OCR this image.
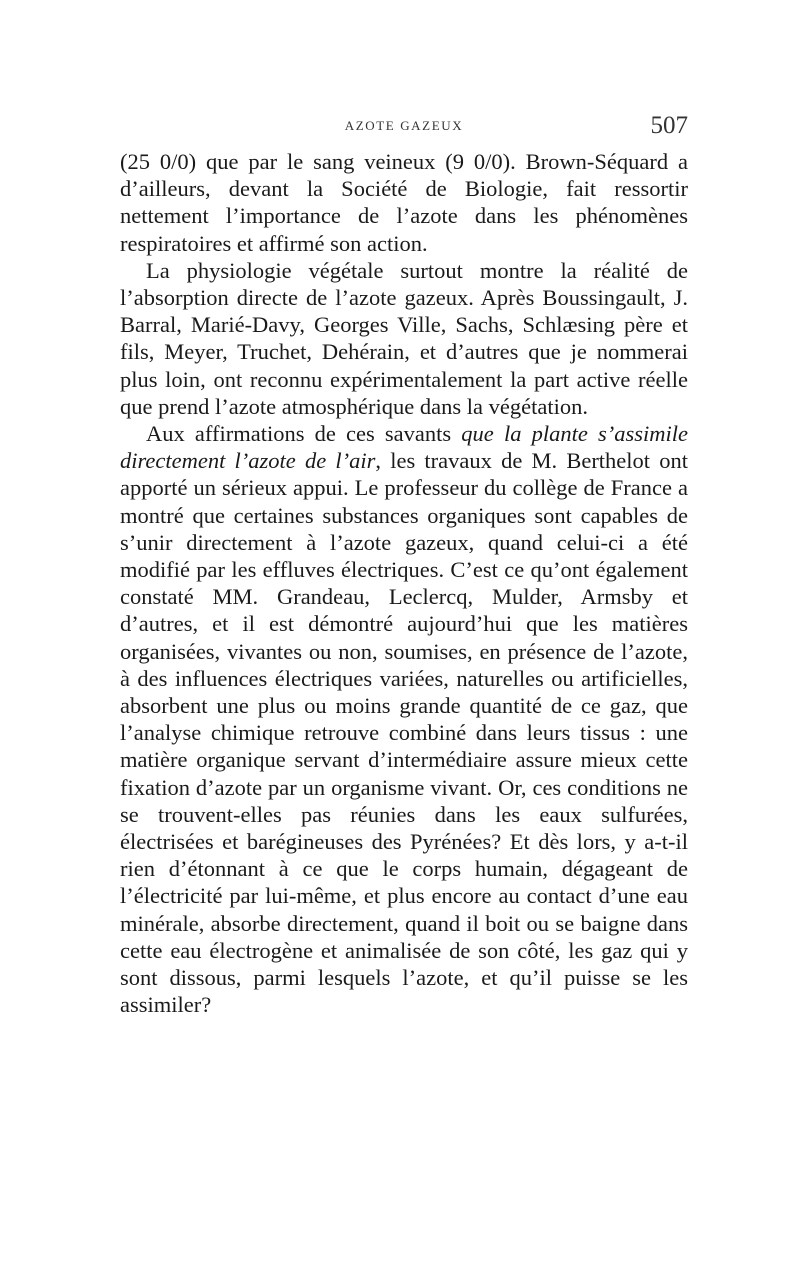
AZOTE GAZEUX	507

(25 0/0) que par le sang veineux (9 0/0). Brown-Séquard a d’ailleurs, devant la Société de Biologie, fait ressortir nettement l’importance de l’azote dans les phénomènes respiratoires et affirmé son action.

La physiologie végétale surtout montre la réalité de l’absorption directe de l’azote gazeux. Après Boussingault, J. Barral, Marié-Davy, Georges Ville, Sachs, Schlæsing père et fils, Meyer, Truchet, Dehérain, et d’autres que je nommerai plus loin, ont reconnu expérimentalement la part active réelle que prend l’azote atmosphérique dans la végétation.

Aux affirmations de ces savants que la plante s’assimile directement l’azote de l’air, les travaux de M. Berthelot ont apporté un sérieux appui. Le professeur du collège de France a montré que certaines substances organiques sont capables de s’unir directement à l’azote gazeux, quand celui-ci a été modifié par les effluves électriques. C’est ce qu’ont également constaté MM. Grandeau, Leclercq, Mulder, Armsby et d’autres, et il est démontré aujourd’hui que les matières organisées, vivantes ou non, soumises, en présence de l’azote, à des influences électriques variées, naturelles ou artificielles, absorbent une plus ou moins grande quantité de ce gaz, que l’analyse chimique retrouve combiné dans leurs tissus : une matière organique servant d’intermédiaire assure mieux cette fixation d’azote par un organisme vivant. Or, ces conditions ne se trouvent-elles pas réunies dans les eaux sulfurées, électrisées et barégineuses des Pyrénées? Et dès lors, y a-t-il rien d’étonnant à ce que le corps humain, dégageant de l’électricité par lui-même, et plus encore au contact d’une eau minérale, absorbe directement, quand il boit ou se baigne dans cette eau électrogène et animalisée de son côté, les gaz qui y sont dissous, parmi lesquels l’azote, et qu’il puisse se les assimiler?
